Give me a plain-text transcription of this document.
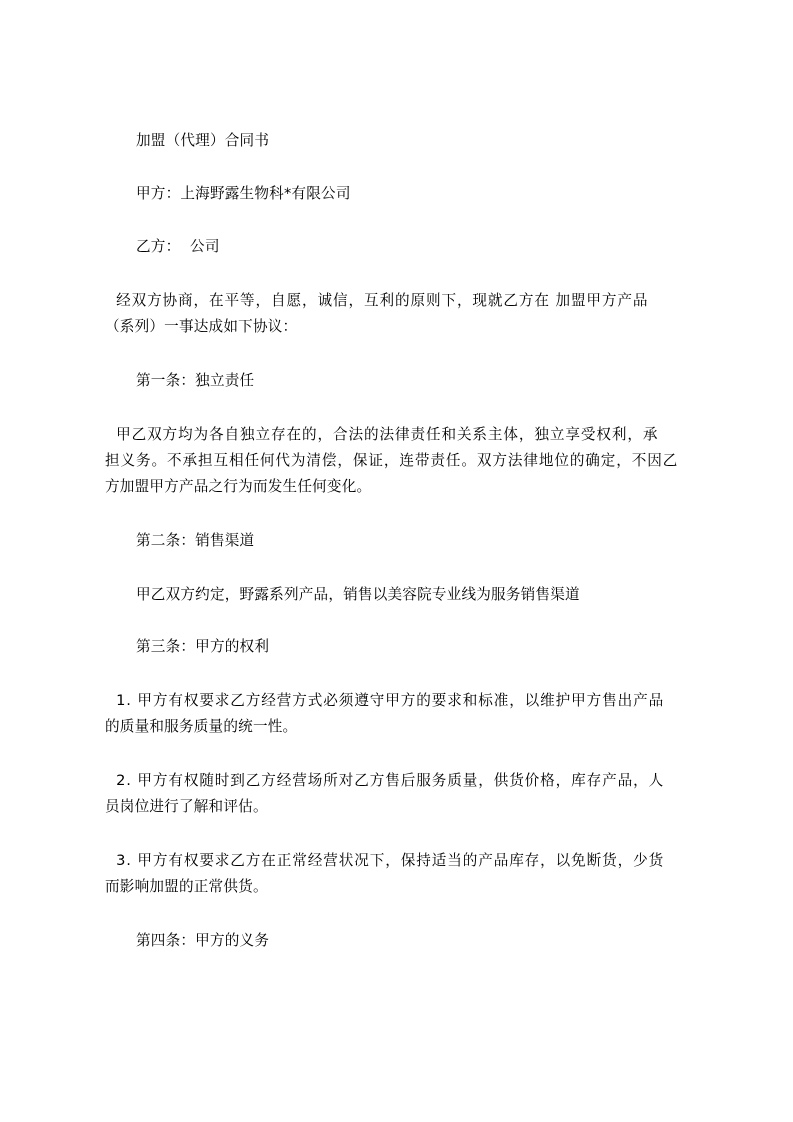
加盟（代理）合同书
甲方：上海野露生物科*有限公司
乙方：  公司
经双方协商，在平等，自愿，诚信，互利的原则下，现就乙方在 加盟甲方产品
（系列）一事达成如下协议：
第一条：独立责任
甲乙双方均为各自独立存在的，合法的法律责任和关系主体，独立享受权利，承
担义务。不承担互相任何代为清偿，保证，连带责任。双方法律地位的确定，不因乙
方加盟甲方产品之行为而发生任何变化。
第二条：销售渠道
甲乙双方约定，野露系列产品，销售以美容院专业线为服务销售渠道
第三条：甲方的权利
1. 甲方有权要求乙方经营方式必须遵守甲方的要求和标准，以维护甲方售出产品
的质量和服务质量的统一性。
2. 甲方有权随时到乙方经营场所对乙方售后服务质量，供货价格，库存产品，人
员岗位进行了解和评估。
3. 甲方有权要求乙方在正常经营状况下，保持适当的产品库存，以免断货，少货
而影响加盟的正常供货。
第四条：甲方的义务
